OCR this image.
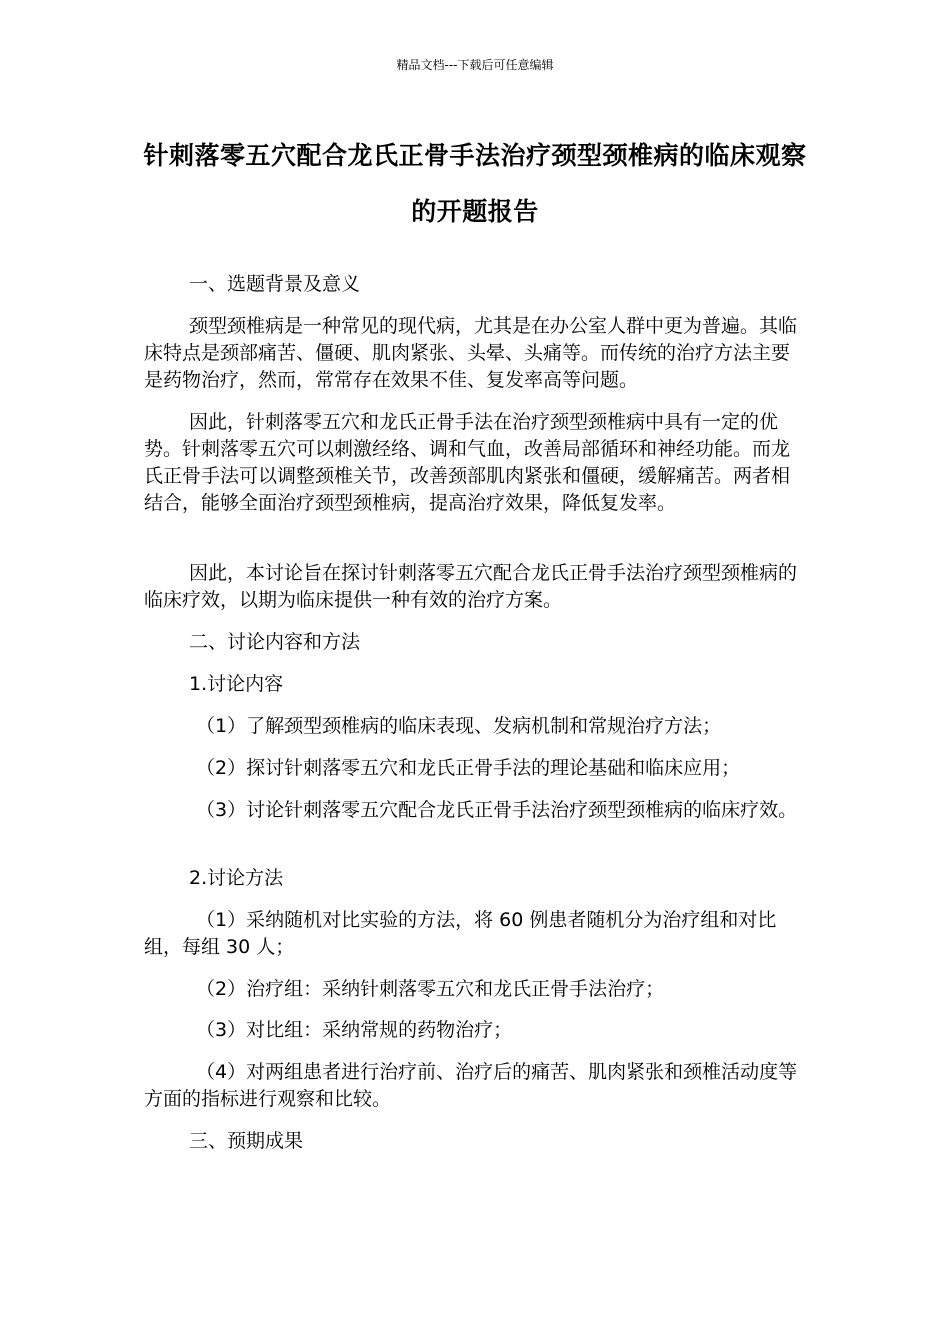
精品文档---下载后可任意编辑
针刺落零五穴配合龙氏正骨手法治疗颈型颈椎病的临床观察的开题报告
一、选题背景及意义
颈型颈椎病是一种常见的现代病，尤其是在办公室人群中更为普遍。其临床特点是颈部痛苦、僵硬、肌肉紧张、头晕、头痛等。而传统的治疗方法主要是药物治疗，然而，常常存在效果不佳、复发率高等问题。
因此，针刺落零五穴和龙氏正骨手法在治疗颈型颈椎病中具有一定的优势。针刺落零五穴可以刺激经络、调和气血，改善局部循环和神经功能。而龙氏正骨手法可以调整颈椎关节，改善颈部肌肉紧张和僵硬，缓解痛苦。两者相结合，能够全面治疗颈型颈椎病，提高治疗效果，降低复发率。
因此，本讨论旨在探讨针刺落零五穴配合龙氏正骨手法治疗颈型颈椎病的临床疗效，以期为临床提供一种有效的治疗方案。
二、讨论内容和方法
1.讨论内容
（1）了解颈型颈椎病的临床表现、发病机制和常规治疗方法；
（2）探讨针刺落零五穴和龙氏正骨手法的理论基础和临床应用；
（3）讨论针刺落零五穴配合龙氏正骨手法治疗颈型颈椎病的临床疗效。
2.讨论方法
（1）采纳随机对比实验的方法，将 60 例患者随机分为治疗组和对比组，每组 30 人；
（2）治疗组：采纳针刺落零五穴和龙氏正骨手法治疗；
（3）对比组：采纳常规的药物治疗；
（4）对两组患者进行治疗前、治疗后的痛苦、肌肉紧张和颈椎活动度等方面的指标进行观察和比较。
三、预期成果
